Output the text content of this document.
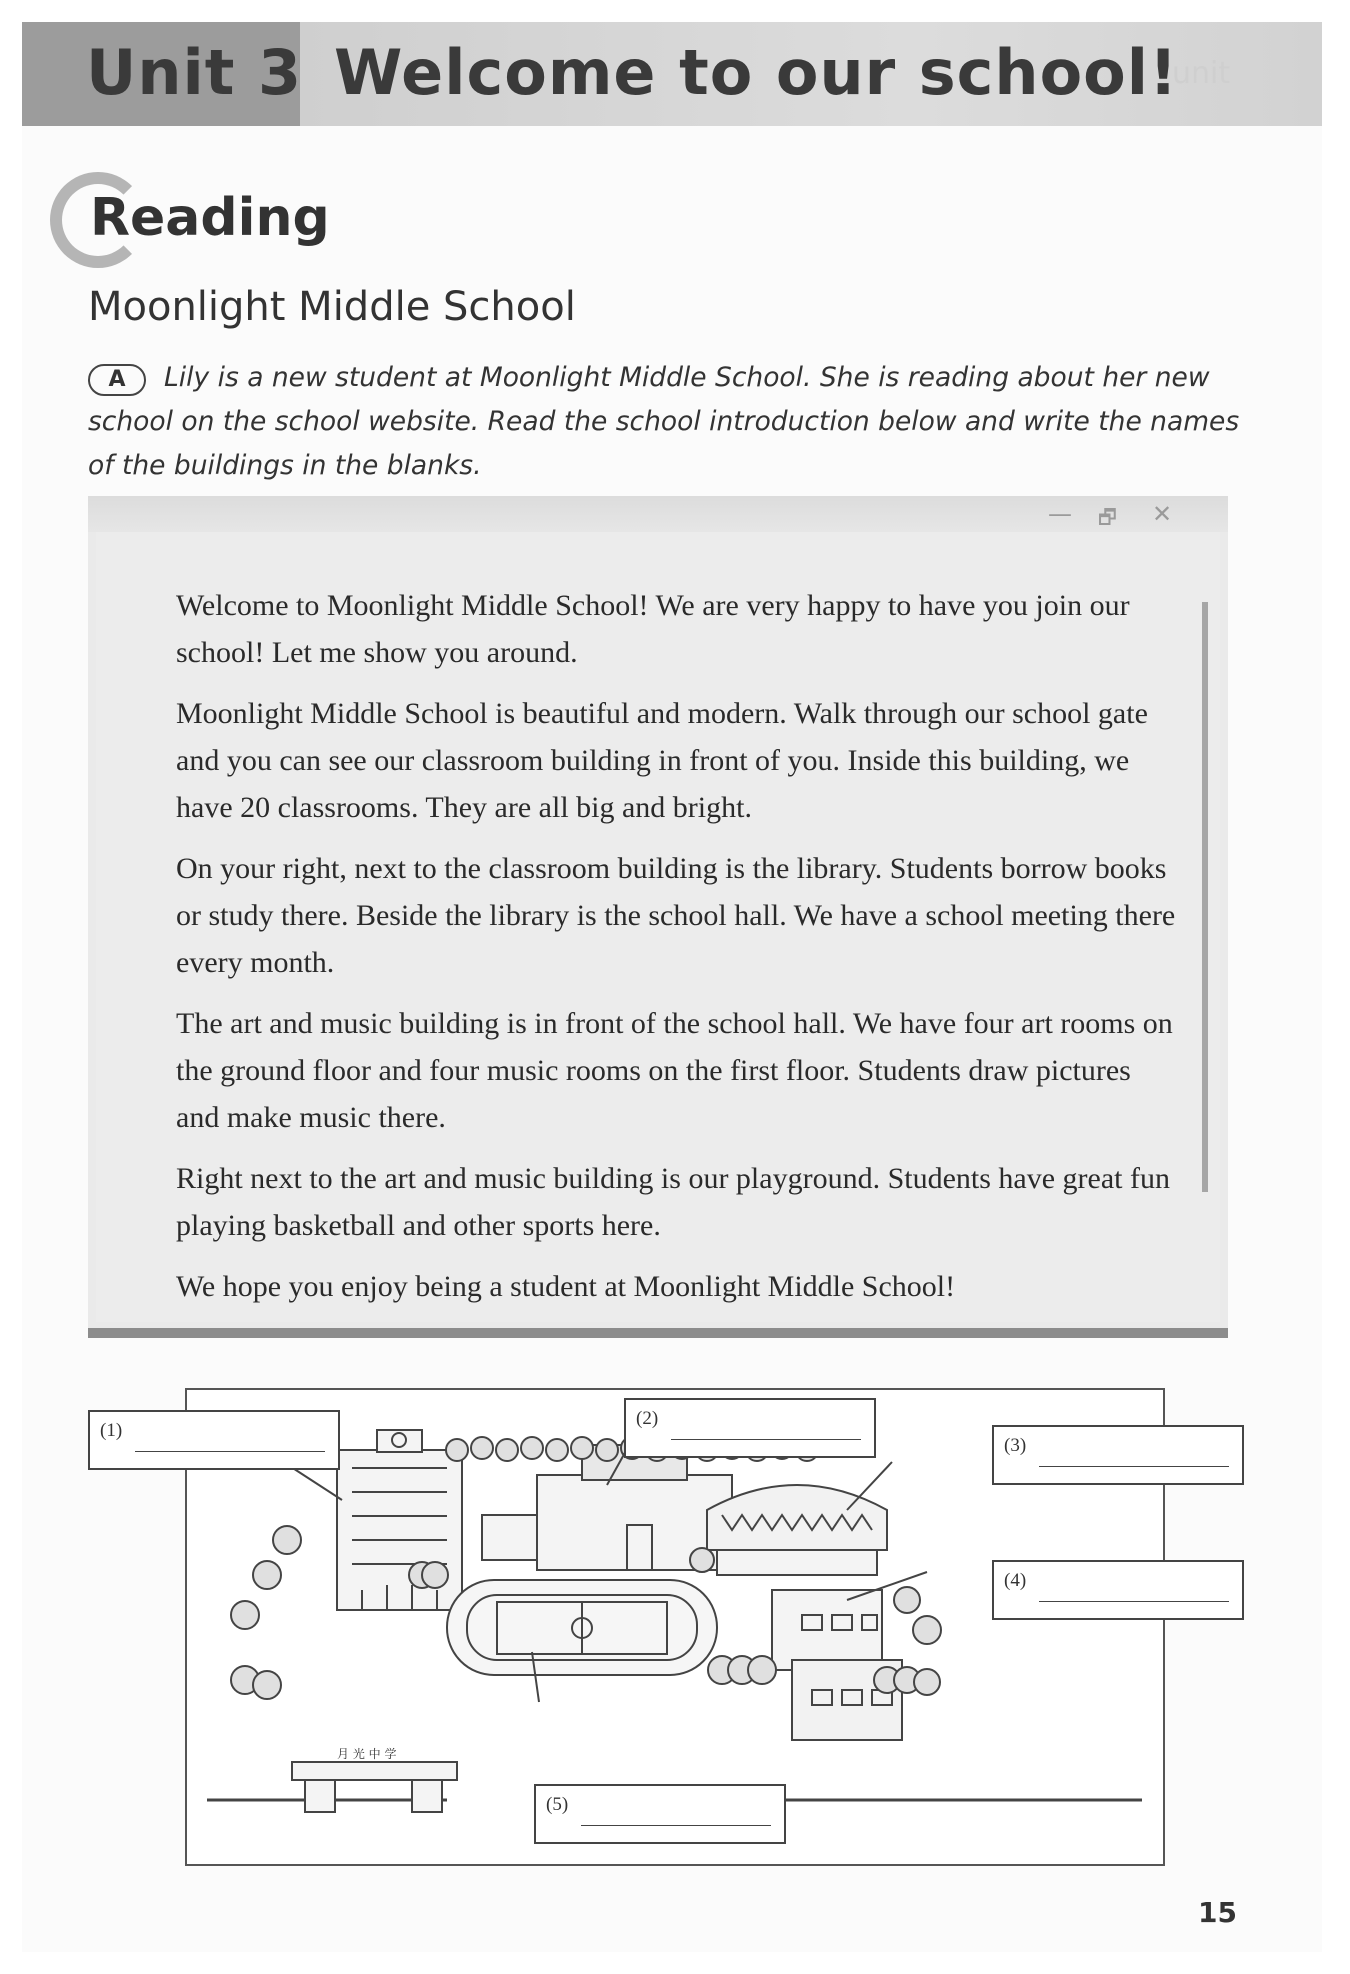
Unit 3 Welcome to our school!
unit
Reading
Moonlight Middle School
A	Lily is a new student at Moonlight Middle School. She is reading about her new school on the school website. Read the school introduction below and write the names of the buildings in the blanks.
— 🗗 ✕

Welcome to Moonlight Middle School! We are very happy to have you join our school! Let me show you around.

Moonlight Middle School is beautiful and modern. Walk through our school gate and you can see our classroom building in front of you. Inside this building, we have 20 classrooms. They are all big and bright.

On your right, next to the classroom building is the library. Students borrow books or study there. Beside the library is the school hall. We have a school meeting there every month.

The art and music building is in front of the school hall. We have four art rooms on the ground floor and four music rooms on the first floor. Students draw pictures and make music there.

Right next to the art and music building is our playground. Students have great fun playing basketball and other sports here.

We hope you enjoy being a student at Moonlight Middle School!

月 光 中 学
(1)
(2)
(3)
(4)
(5)
15
